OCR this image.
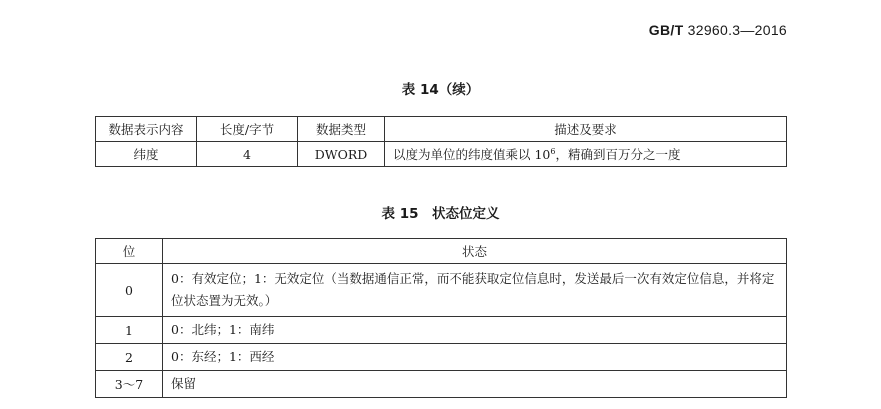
GB/T 32960.3—2016
表 14（续）
数据表示内容	长度/字节	数据类型	描述及要求
纬度	4	DWORD	以度为单位的纬度值乘以 $10^6$，精确到百万分之一度
表 15　状态位定义
位	状态
0	0：有效定位；1：无效定位（当数据通信正常，而不能获取定位信息时，发送最后一次有效定位信息，并将定位状态置为无效。）
1	0：北纬；1：南纬
2	0：东经；1：西经
3～7	保留
